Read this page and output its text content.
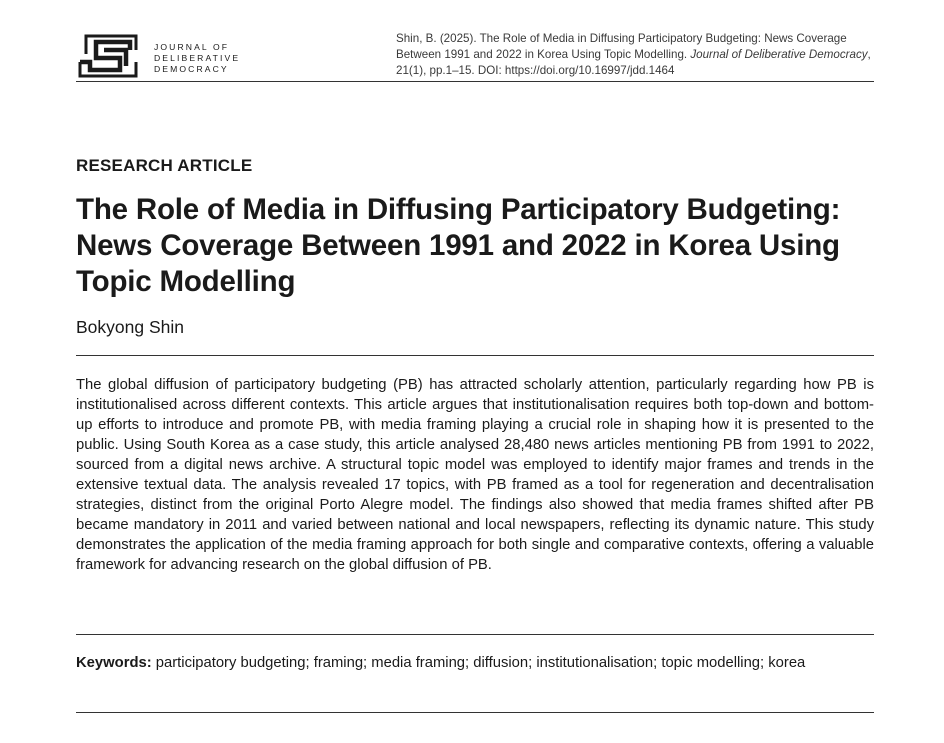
JOURNAL OF
DELIBERATIVE
DEMOCRACY
Shin, B. (2025). The Role of Media in Diffusing Participatory Budgeting: News Coverage Between 1991 and 2022 in Korea Using Topic Modelling. Journal of Deliberative Democracy, 21(1), pp.1–15. DOI: https://doi.org/10.16997/jdd.1464
RESEARCH ARTICLE
The Role of Media in Diffusing Participatory Budgeting:
News Coverage Between 1991 and 2022 in Korea Using
Topic Modelling
Bokyong Shin

The global diffusion of participatory budgeting (PB) has attracted scholarly attention, particularly regarding how PB is institutionalised across different contexts. This article argues that institutionalisation requires both top-down and bottom-up efforts to introduce and promote PB, with media framing playing a crucial role in shaping how it is presented to the public. Using South Korea as a case study, this article analysed 28,480 news articles mentioning PB from 1991 to 2022, sourced from a digital news archive. A structural topic model was employed to identify major frames and trends in the extensive textual data. The analysis revealed 17 topics, with PB framed as a tool for regeneration and decentralisation strategies, distinct from the original Porto Alegre model. The findings also showed that media frames shifted after PB became mandatory in 2011 and varied between national and local newspapers, reflecting its dynamic nature. This study demonstrates the application of the media framing approach for both single and comparative contexts, offering a valuable framework for advancing research on the global diffusion of PB.

Keywords: participatory budgeting; framing; media framing; diffusion; institutionalisation; topic modelling; korea
